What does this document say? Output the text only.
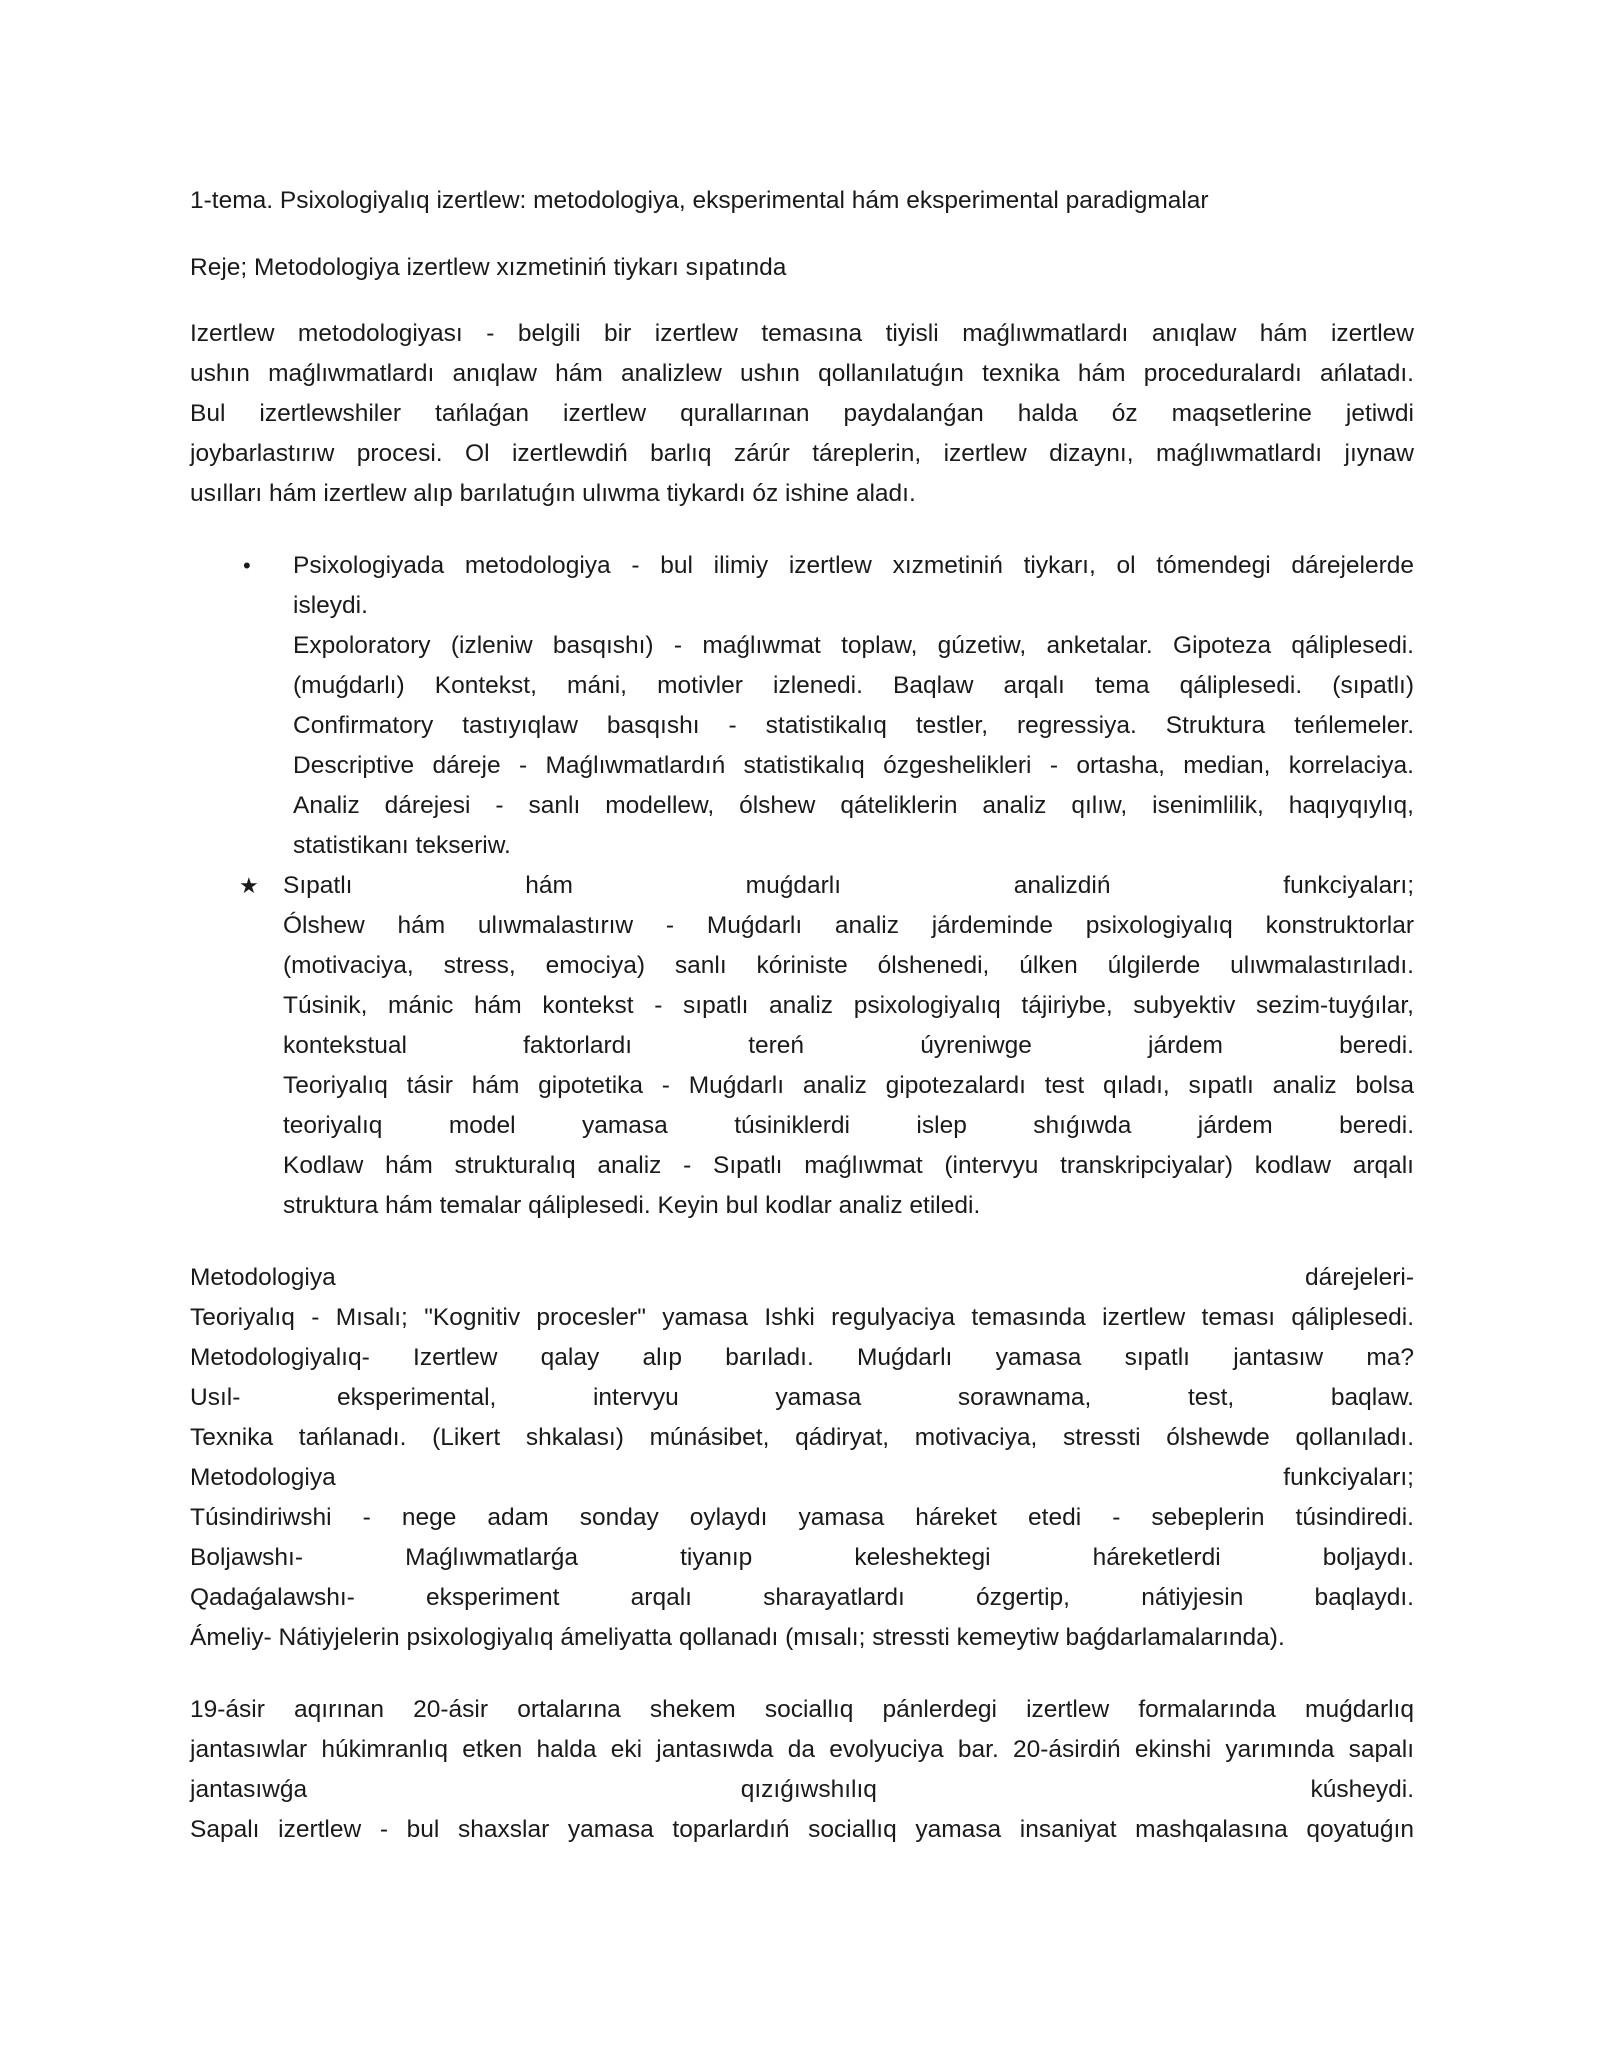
1-tema. Psixologiyalıq izertlew: metodologiya, eksperimental hám eksperimental paradigmalar
Reje; Metodologiya izertlew xızmetiniń tiykarı sıpatında
Izertlew metodologiyası - belgili bir izertlew temasına tiyisli maǵlıwmatlardı anıqlaw hám izertlew
ushın maǵlıwmatlardı anıqlaw hám analizlew ushın qollanılatuǵın texnika hám proceduralardı ańlatadı.
Bul izertlewshiler tańlaǵan izertlew qurallarınan paydalanǵan halda óz maqsetlerine jetiwdi
joybarlastırıw procesi. Ol izertlewdiń barlıq zárúr táreplerin, izertlew dizaynı, maǵlıwmatlardı jıynaw
usılları hám izertlew alıp barılatuǵın ulıwma tiykardı óz ishine aladı.
• Psixologiyada metodologiya - bul ilimiy izertlew xızmetiniń tiykarı, ol tómendegi dárejelerde
isleydi.
Expoloratory (izleniw basqıshı) - maǵlıwmat toplaw, gúzetiw, anketalar. Gipoteza qáliplesedi.
(muǵdarlı) Kontekst, máni, motivler izlenedi. Baqlaw arqalı tema qáliplesedi. (sıpatlı)
Confirmatory tastıyıqlaw basqıshı - statistikalıq testler, regressiya. Struktura teńlemeler.
Descriptive dáreje - Maǵlıwmatlardıń statistikalıq ózgeshelikleri - ortasha, median, korrelaciya.
Analiz dárejesi - sanlı modellew, ólshew qáteliklerin analiz qılıw, isenimlilik, haqıyqıylıq,
statistikanı tekseriw.
★ Sıpatlı hám muǵdarlı analizdiń funkciyaları;
Ólshew hám ulıwmalastırıw - Muǵdarlı analiz járdeminde psixologiyalıq konstruktorlar
(motivaciya, stress, emociya) sanlı kóriniste ólshenedi, úlken úlgilerde ulıwmalastırıladı.
Túsinik, mánic hám kontekst - sıpatlı analiz psixologiyalıq tájiriybe, subyektiv sezim-tuyǵılar,
kontekstual faktorlardı tereń úyreniwge járdem beredi.
Teoriyalıq tásir hám gipotetika - Muǵdarlı analiz gipotezalardı test qıladı, sıpatlı analiz bolsa
teoriyalıq model yamasa túsiniklerdi islep shıǵıwda járdem beredi.
Kodlaw hám strukturalıq analiz - Sıpatlı maǵlıwmat (intervyu transkripciyalar) kodlaw arqalı
struktura hám temalar qáliplesedi. Keyin bul kodlar analiz etiledi.
Metodologiya dárejeleri-
Teoriyalıq - Mısalı; "Kognitiv procesler" yamasa Ishki regulyaciya temasında izertlew teması qáliplesedi.
Metodologiyalıq- Izertlew qalay alıp barıladı. Muǵdarlı yamasa sıpatlı jantasıw ma?
Usıl- eksperimental, intervyu yamasa sorawnama, test, baqlaw.
Texnika tańlanadı. (Likert shkalası) múnásibet, qádiryat, motivaciya, stressti ólshewde qollanıladı.
Metodologiya funkciyaları;
Túsindiriwshi - nege adam sonday oylaydı yamasa háreket etedi - sebeplerin túsindiredi.
Boljawshı- Maǵlıwmatlarǵa tiyanıp keleshektegi háreketlerdi boljaydı.
Qadaǵalawshı- eksperiment arqalı sharayatlardı ózgertip, nátiyjesin baqlaydı.
Ámeliy- Nátiyjelerin psixologiyalıq ámeliyatta qollanadı (mısalı; stressti kemeytiw baǵdarlamalarında).
19-ásir aqırınan 20-ásir ortalarına shekem sociallıq pánlerdegi izertlew formalarında muǵdarlıq
jantasıwlar húkimranlıq etken halda eki jantasıwda da evolyuciya bar. 20-ásirdiń ekinshi yarımında sapalı
jantasıwǵa qızıǵıwshılıq kúsheydi.
Sapalı izertlew - bul shaxslar yamasa toparlardıń sociallıq yamasa insaniyat mashqalasına qoyatuǵın
